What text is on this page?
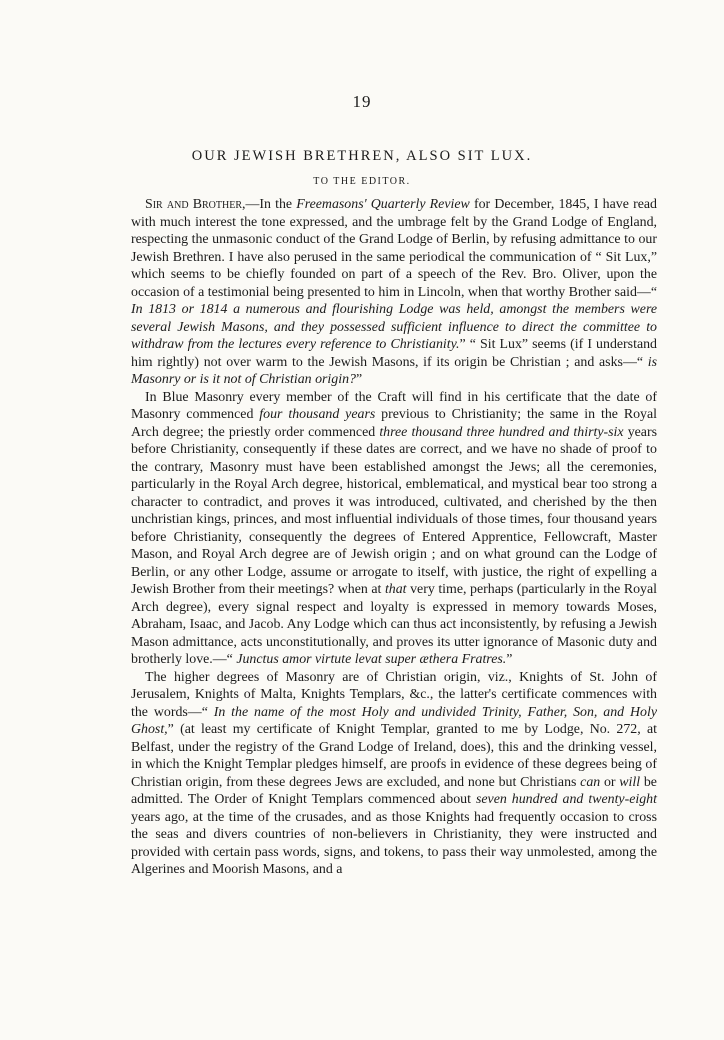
19
OUR JEWISH BRETHREN, ALSO SIT LUX.
TO THE EDITOR.

Sir and Brother,—In the Freemasons' Quarterly Review for December, 1845, I have read with much interest the tone expressed, and the umbrage felt by the Grand Lodge of England, respecting the unmasonic conduct of the Grand Lodge of Berlin, by refusing admittance to our Jewish Brethren. I have also perused in the same periodical the communication of “ Sit Lux,” which seems to be chiefly founded on part of a speech of the Rev. Bro. Oliver, upon the occasion of a testimonial being presented to him in Lincoln, when that worthy Brother said—“ In 1813 or 1814 a numerous and flourishing Lodge was held, amongst the members were several Jewish Masons, and they possessed sufficient influence to direct the committee to withdraw from the lectures every reference to Christianity.” “ Sit Lux” seems (if I understand him rightly) not over warm to the Jewish Masons, if its origin be Christian ; and asks—“ is Masonry or is it not of Christian origin?”

In Blue Masonry every member of the Craft will find in his certificate that the date of Masonry commenced four thousand years previous to Christianity; the same in the Royal Arch degree; the priestly order commenced three thousand three hundred and thirty-six years before Christianity, consequently if these dates are correct, and we have no shade of proof to the contrary, Masonry must have been established amongst the Jews; all the ceremonies, particularly in the Royal Arch degree, historical, emblematical, and mystical bear too strong a character to contradict, and proves it was introduced, cultivated, and cherished by the then unchristian kings, princes, and most influential individuals of those times, four thousand years before Christianity, consequently the degrees of Entered Apprentice, Fellowcraft, Master Mason, and Royal Arch degree are of Jewish origin ; and on what ground can the Lodge of Berlin, or any other Lodge, assume or arrogate to itself, with justice, the right of expelling a Jewish Brother from their meetings? when at that very time, perhaps (particularly in the Royal Arch degree), every signal respect and loyalty is expressed in memory towards Moses, Abraham, Isaac, and Jacob. Any Lodge which can thus act inconsistently, by refusing a Jewish Mason admittance, acts unconstitutionally, and proves its utter ignorance of Masonic duty and brotherly love.—“ Junctus amor virtute levat super æthera Fratres.”

The higher degrees of Masonry are of Christian origin, viz., Knights of St. John of Jerusalem, Knights of Malta, Knights Templars, &c., the latter's certificate commences with the words—“ In the name of the most Holy and undivided Trinity, Father, Son, and Holy Ghost,” (at least my certificate of Knight Templar, granted to me by Lodge, No. 272, at Belfast, under the registry of the Grand Lodge of Ireland, does), this and the drinking vessel, in which the Knight Templar pledges himself, are proofs in evidence of these degrees being of Christian origin, from these degrees Jews are excluded, and none but Christians can or will be admitted. The Order of Knight Templars commenced about seven hundred and twenty-eight years ago, at the time of the crusades, and as those Knights had frequently occasion to cross the seas and divers countries of non-believers in Christianity, they were instructed and provided with certain pass words, signs, and tokens, to pass their way unmolested, among the Algerines and Moorish Masons, and a
